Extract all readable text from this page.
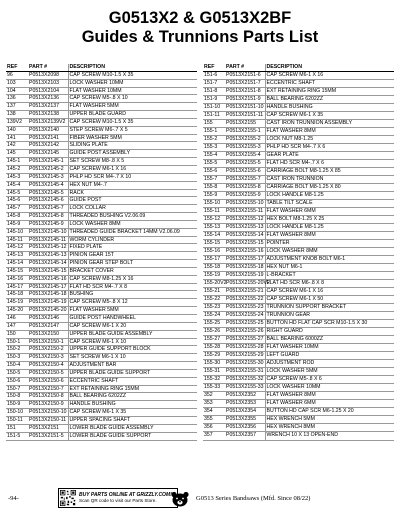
G0513X2 & G0513X2BF
Guides & Trunnions Parts List
REF	PART #	DESCRIPTION
96	P0513X2098	CAP SCREW M10-1.5 X 35
103	P0513X2103	LOCK WASHER 10MM
104	P0513X2104	FLAT WASHER 10MM
136	P0513X2136	CAP SCREW M5-.8 X 10
137	P0513X2137	FLAT WASHER 5MM
138	P0513X2138	UPPER BLADE GUARD
139V2	P0513X2139V2	CAP SCREW M10-1.5 X 35
140	P0513X2140	STEP SCREW M6-.7 X 5
141	P0513X2141	FIBER WASHER 5MM
142	P0513X2142	SLIDING PLATE
145	P0513X2145	GUIDE POST ASSEMBLY
145-1	P0513X2145-1	SET SCREW M8-.8 X 5
145-2	P0513X2145-2	CAP SCREW M6-1 X 16
145-3	P0513X2145-3	PHLP HD SCR M4-.7 X 10
145-4	P0513X2145-4	HEX NUT M4-.7
145-5	P0513X2145-5	RACK
145-6	P0513X2145-6	GUIDE POST
145-7	P0513X2145-7	LOCK COLLAR
145-8	P0513X2145-8	THREADED BUSHING V2.06.09
145-9	P0513X2145-9	LOCK WASHER 8MM
145-10	P0513X2145-10	THREADED GUIDE BRACKET 14MM V2.06.09
145-11	P0513X2145-11	WORM CYLINDER
145-12	P0513X2145-12	FIXED PLATE
145-13	P0513X2145-13	PINION GEAR 15T
145-14	P0513X2145-14	PINION GEAR STEP BOLT
145-15	P0513X2145-15	BRACKET COVER
145-16	P0513X2145-16	CAP SCREW M8-1.25 X 16
145-17	P0513X2145-17	FLAT HD SCR M4-.7 X 8
145-18	P0513X2145-18	BUSHING
145-19	P0513X2145-19	CAP SCREW M5-.8 X 12
145-20	P0513X2145-20	FLAT WASHER 5MM
146	P0513X2146	GUIDE POST HANDWHEEL
147	P0513X2147	CAP SCREW M6-1 X 20
150	P0513X2150	UPPER BLADE GUIDE ASSEMBLY
150-1	P0513X2150-1	CAP SCREW M6-1 X 10
150-2	P0513X2150-2	UPPER GUIDE SUPPORT BLOCK
150-3	P0513X2150-3	SET SCREW M6-1 X 10
150-4	P0513X2150-4	ADJUSTMENT BAR
150-5	P0513X2150-5	UPPER BLADE GUIDE SUPPORT
150-6	P0513X2150-6	ECCENTRIC SHAFT
150-7	P0513X2150-7	EXT RETAINING RING 15MM
150-8	P0513X2150-8	BALL BEARING 6202ZZ
150-9	P0513X2150-9	HANDLE BUSHING
150-10	P0513X2150-10	CAP SCREW M6-1 X 35
150-11	P0513X2150-11	UPPER SPACING SHAFT
151	P0513X2151	LOWER BLADE GUIDE ASSEMBLY
151-5	P0513X2151-5	LOWER BLADE GUIDE SUPPORT
REF	PART #	DESCRIPTION
151-6	P0513X2151-6	CAP SCREW M6-1 X 16
151-7	P0513X2151-7	ECCENTRIC SHAFT
151-8	P0513X2151-8	EXT RETAINING RING 15MM
151-9	P0513X2151-9	BALL BEARING 6202ZZ
151-10	P0513X2151-10	HANDLE BUSHING
151-11	P0513X2151-11	CAP SCREW M6-1 X 35
155	P0513X2155	CAST IRON TRUNNION ASSEMBLY
155-1	P0513X2155-1	FLAT WASHER 8MM
155-2	P0513X2155-2	LOCK NUT M8-1.25
155-3	P0513X2155-3	PHLP HD SCR M4-.7 X 6
155-4	P0513X2155-4	GEAR PLATE
155-5	P0513X2155-5	FLAT HD SCR M4-.7 X 6
155-6	P0513X2155-6	CARRIAGE BOLT M8-1.25 X 85
155-7	P0513X2155-7	CAST IRON TRUNNION
155-8	P0513X2155-8	CARRIAGE BOLT M8-1.25 X 80
155-9	P0513X2155-9	LOCK HANDLE M8-1.25
155-10	P0513X2155-10	TABLE TILT SCALE
155-11	P0513X2155-11	FLAT WASHER 6MM
155-12	P0513X2155-12	HEX BOLT M8-1.25 X 25
155-13	P0513X2155-13	LOCK HANDLE M8-1.25
155-14	P0513X2155-14	FLAT WASHER 8MM
155-15	P0513X2155-15	POINTER
155-16	P0513X2155-16	LOCK WASHER 8MM
155-17	P0513X2155-17	ADJUSTMENT KNOB BOLT M6-1
155-18	P0513X2155-18	HEX NUT M6-1
155-19	P0513X2155-19	L-BRACKET
155-20V2	P0513X2155-20V2	FLAT HD SCR M6-.8 X 8
155-21	P0513X2155-21	CAP SCREW M6-1 X 16
155-22	P0513X2155-22	CAP SCREW M6-1 X 50
155-23	P0513X2155-23	TRUNNION SUPPORT BRACKET
155-24	P0513X2155-24	TRUNNION GEAR
155-25	P0513X2155-25	BUTTON HD FLAT CAP SCR M10-1.5 X 30
155-26	P0513X2155-26	RIGHT GUARD
155-27	P0513X2155-27	BALL BEARING 6000ZZ
155-28	P0513X2155-28	FLAT WASHER 10MM
155-29	P0513X2155-29	LEFT GUARD
155-30	P0513X2155-30	ADJUSTMENT ROD
155-31	P0513X2155-31	LOCK WASHER 5MM
155-32	P0513X2155-32	CAP SCREW M5-.8 X 6
155-33	P0513X2155-33	LOCK WASHER 10MM
352	P0513X2352	FLAT WASHER 8MM
353	P0513X2353	FLAT WASHER 6MM
354	P0513X2354	BUTTON HD CAP SCR M6-1.25 X 20
355	P0513X2355	HEX WRENCH 5MM
356	P0513X2356	HEX WRENCH 8MM
357	P0513X2357	WRENCH 10 X 13 OPEN-END
-94-
BUY PARTS ONLINE AT GRIZZLY.COM!
Scan QR code to visit our Parts Store.	G0513 Series Bandsaws (Mfd. Since 08/22)
